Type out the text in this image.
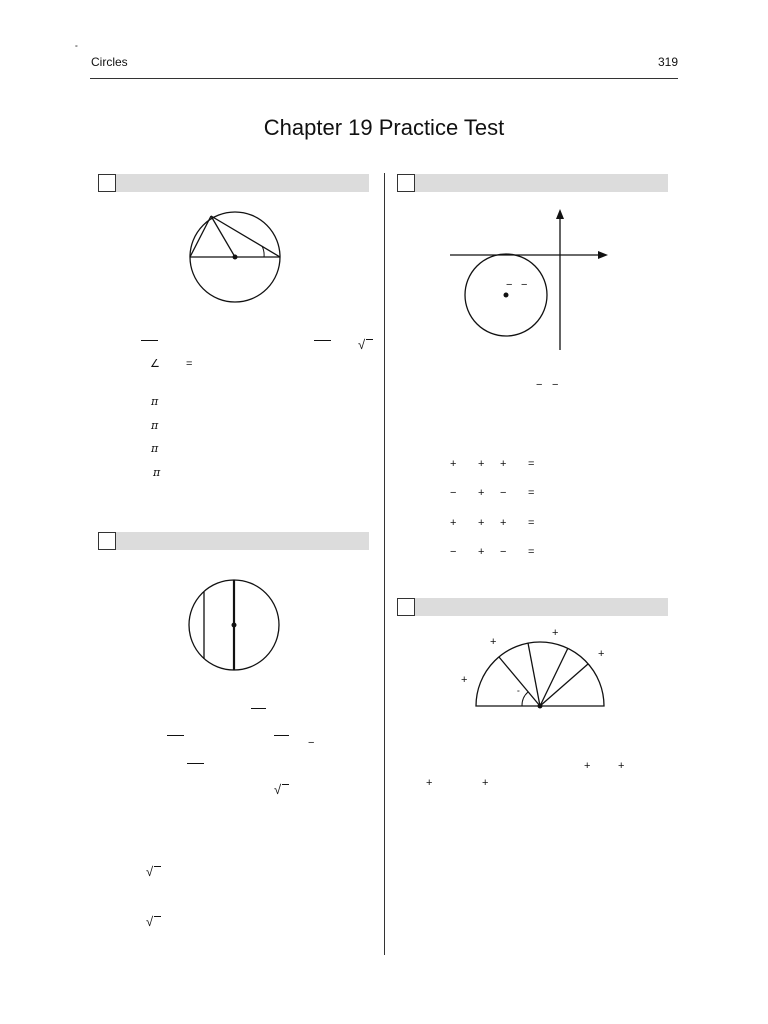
Circles	319
Chapter 19 Practice Test
°
√
∠ =
π
π
π
π
−
√
√
√
− −
− −
+ + + =
− + − =
+ + + =
− + − =
°
+
+
+
+
+	+
+	+
